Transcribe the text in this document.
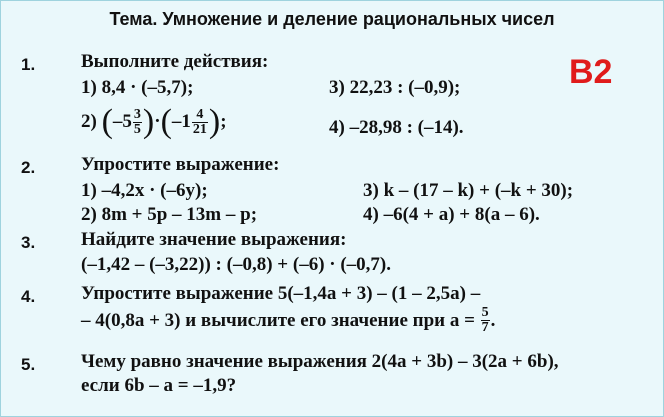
Тема. Умножение и деление рациональных чисел
B2
1. Выполните действия:
1) 8,4 · (–5,7);	3) 22,23 : (–0,9);
2)
( $-5 \frac{3}{5}$ ) · ( $-1 \frac{4}{21}$ ) ;	4) –28,98 : (–14).
2. Упростите выражение:
1) –4,2x · (–6y);	3) k – (17 – k) + (–k + 30);
2) 8m + 5p – 13m – p;	4) –6(4 + a) + 8(a – 6).
3. Найдите значение выражения:
(–1,42 – (–3,22)) : (–0,8) + (–6) · (–0,7).
4. Упростите выражение 5(–1,4a + 3) – (1 – 2,5a) –
– 4(0,8a + 3) и вычислите его значение при a =
$\frac{5}{7}$ .
5. Чему равно значение выражения 2(4a + 3b) – 3(2a + 6b),
если 6b – a = –1,9?
